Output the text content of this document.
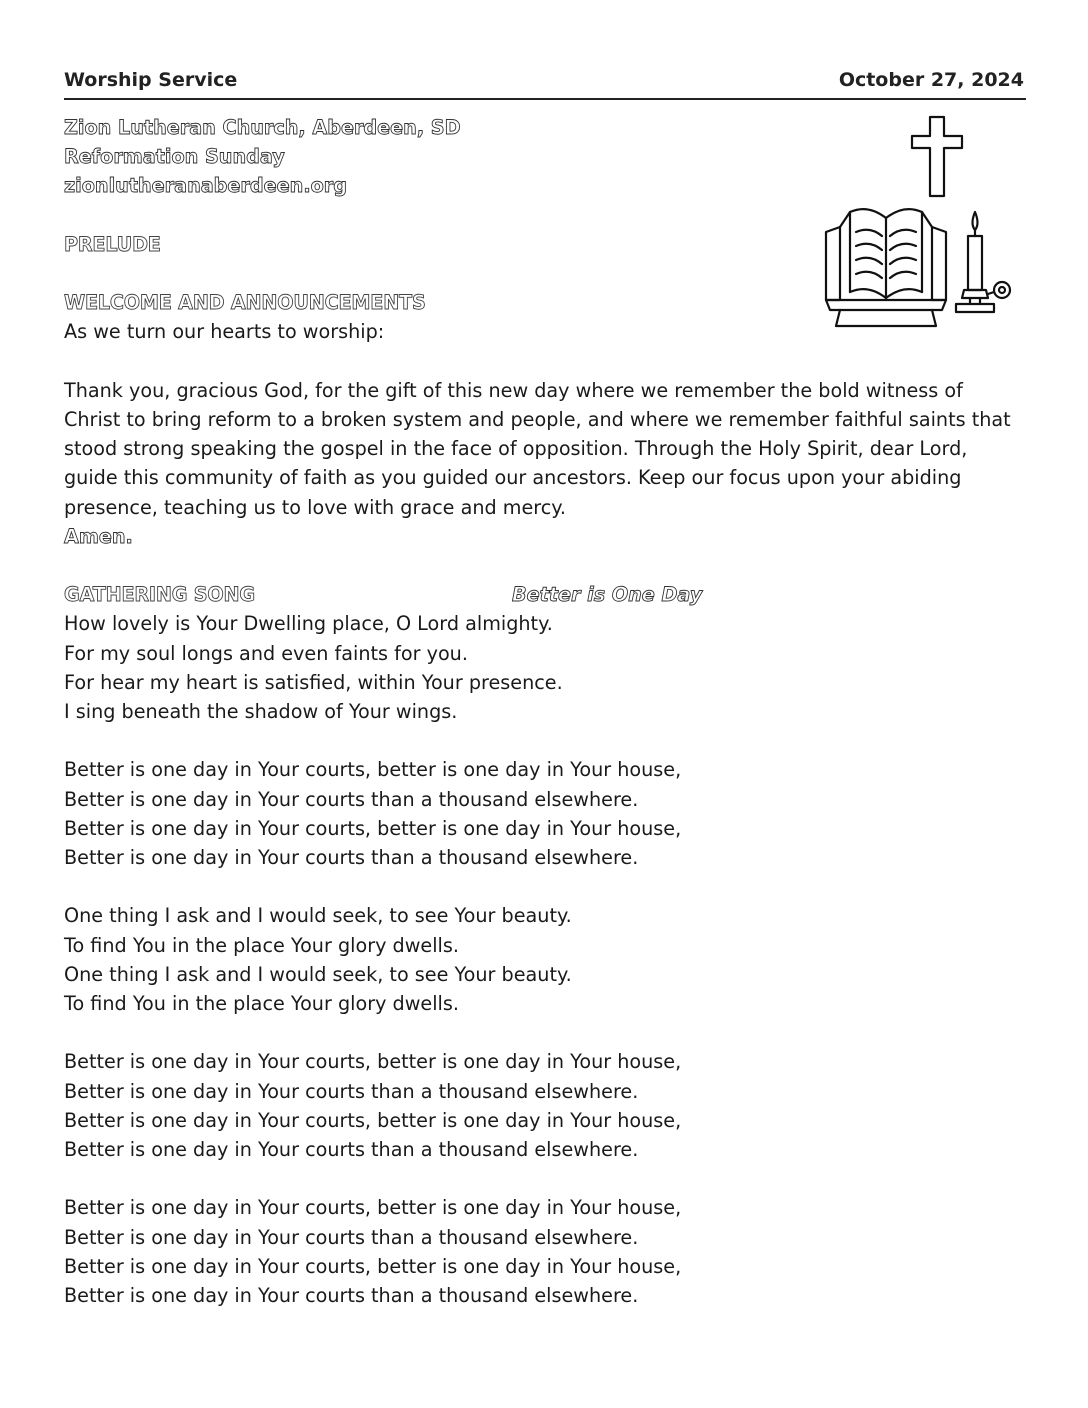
Worship Service	October 27, 2024
Zion Lutheran Church, Aberdeen, SD
Reformation Sunday
zionlutheranaberdeen.org
PRELUDE
WELCOME AND ANNOUNCEMENTS
As we turn our hearts to worship:
Thank you, gracious God, for the gift of this new day where we remember the bold witness of Christ to bring reform to a broken system and people, and where we remember faithful saints that stood strong speaking the gospel in the face of opposition. Through the Holy Spirit, dear Lord, guide this community of faith as you guided our ancestors. Keep our focus upon your abiding presence, teaching us to love with grace and mercy.
Amen.
GATHERING SONG	Better is One Day
How lovely is Your Dwelling place, O Lord almighty.
For my soul longs and even faints for you.
For hear my heart is satisfied, within Your presence.
I sing beneath the shadow of Your wings.
Better is one day in Your courts, better is one day in Your house,
Better is one day in Your courts than a thousand elsewhere.
Better is one day in Your courts, better is one day in Your house,
Better is one day in Your courts than a thousand elsewhere.
One thing I ask and I would seek, to see Your beauty.
To find You in the place Your glory dwells.
One thing I ask and I would seek, to see Your beauty.
To find You in the place Your glory dwells.
Better is one day in Your courts, better is one day in Your house,
Better is one day in Your courts than a thousand elsewhere.
Better is one day in Your courts, better is one day in Your house,
Better is one day in Your courts than a thousand elsewhere.
Better is one day in Your courts, better is one day in Your house,
Better is one day in Your courts than a thousand elsewhere.
Better is one day in Your courts, better is one day in Your house,
Better is one day in Your courts than a thousand elsewhere.
